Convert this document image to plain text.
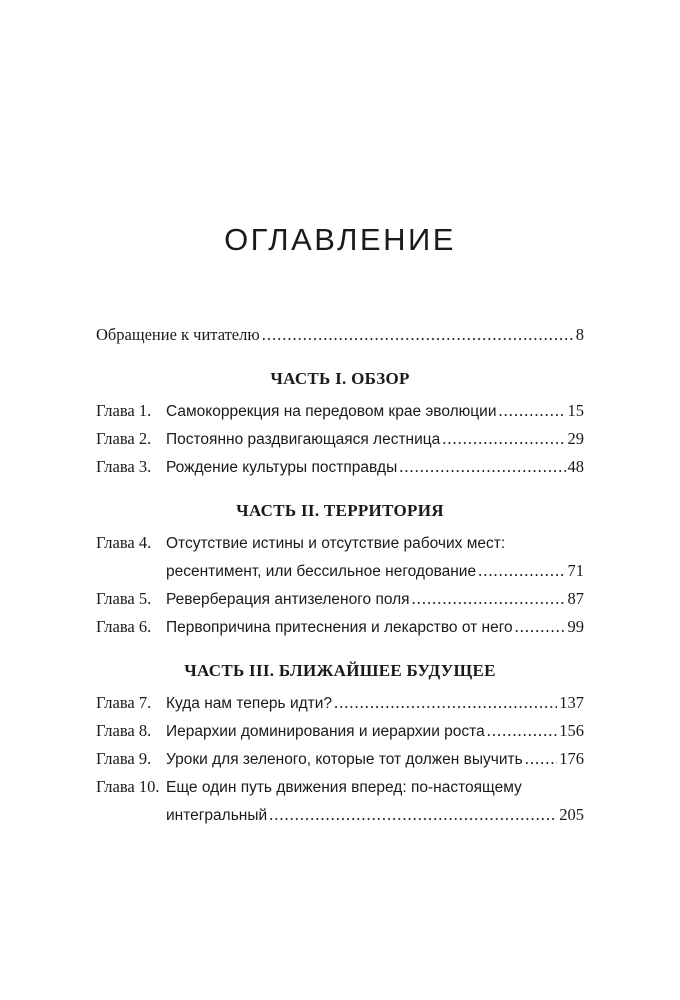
ОГЛАВЛЕНИЕ
Обращение к читателю .....	8
ЧАСТЬ I. ОБЗОР
Глава 1. Самокоррекция на передовом крае эволюции .....	15
Глава 2. Постоянно раздвигающаяся лестница .....	29
Глава 3. Рождение культуры постправды .....	48
ЧАСТЬ II. ТЕРРИТОРИЯ
Глава 4. Отсутствие истины и отсутствие рабочих мест:
ресентимент, или бессильное негодование .....	71
Глава 5. Реверберация антизеленого поля .....	87
Глава 6. Первопричина притеснения и лекарство от него .....	99
ЧАСТЬ III. БЛИЖАЙШЕЕ БУДУЩЕЕ
Глава 7. Куда нам теперь идти? .....	137
Глава 8. Иерархии доминирования и иерархии роста .....	156
Глава 9. Уроки для зеленого, которые тот должен выучить ..... 176
Глава 10. Еще один путь движения вперед: по-настоящему
интегральный .....	205
